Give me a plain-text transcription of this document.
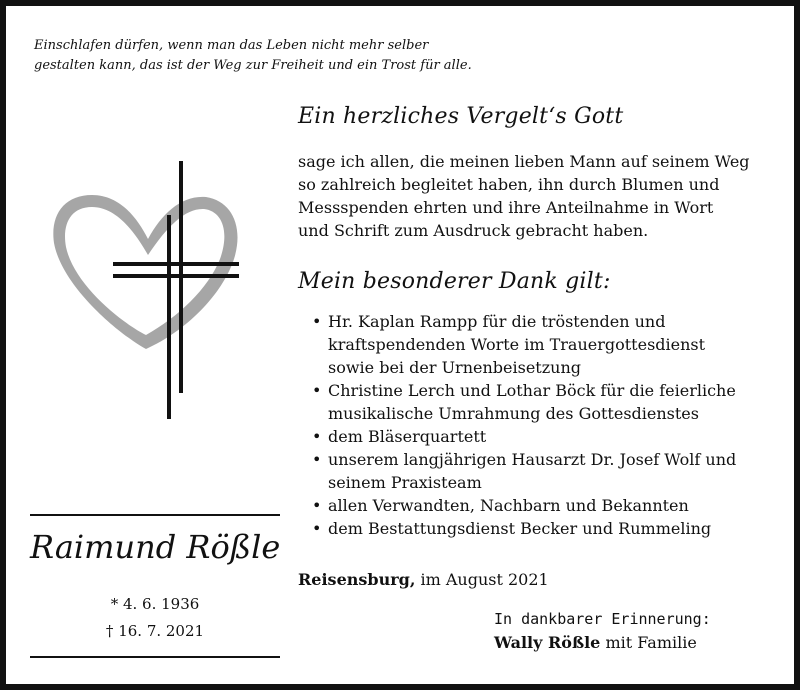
Einschlafen dürfen, wenn man das Leben nicht mehr selber
gestalten kann, das ist der Weg zur Freiheit und ein Trost für alle.
Ein herzliches Vergelt‘s Gott
sage ich allen, die meinen lieben Mann auf seinem Weg
so zahlreich begleitet haben, ihn durch Blumen und
Messspenden ehrten und ihre Anteilnahme in Wort
und Schrift zum Ausdruck gebracht haben.
Mein besonderer Dank gilt:
• Hr. Kaplan Rampp für die tröstenden und
kraftspendenden Worte im Trauergottesdienst
sowie bei der Urnenbeisetzung
• Christine Lerch und Lothar Böck für die feierliche
musikalische Umrahmung des Gottesdienstes
• dem Bläserquartett
• unserem langjährigen Hausarzt Dr. Josef Wolf und
seinem Praxisteam
• allen Verwandten, Nachbarn und Bekannten
• dem Bestattungsdienst Becker und Rummeling
Raimund Rößle
* 4. 6. 1936
† 16. 7. 2021
Reisensburg, im August 2021
In dankbarer Erinnerung:
Wally Rößle mit Familie
